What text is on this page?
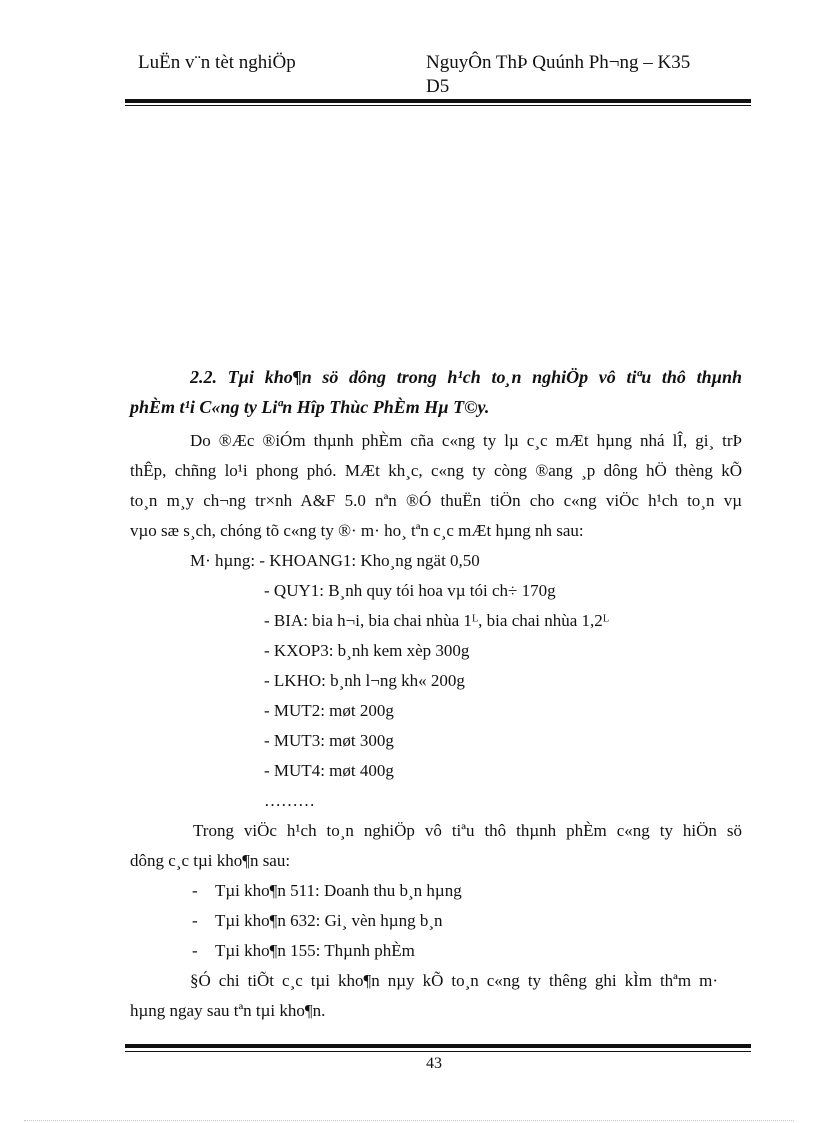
LuËn v¨n tèt nghiÖp	NguyÔn ThÞ Quúnh Ph¬ng – K35
D5
2.2. Tµi kho¶n sö dông trong h¹ch to¸n nghiÖp vô tiªu thô thµnh
phÈm t¹i C«ng ty Liªn Hîp Thùc PhÈm Hµ T©y.
Do ®Æc ®iÓm thµnh phÈm cña c«ng ty lµ c¸c mÆt hµng nhá lÎ, gi¸ trÞ
thÊp, chñng lo¹i phong phó. MÆt kh¸c, c«ng ty còng ®ang ¸p dông hÖ thèng kÕ
to¸n m¸y ch¬ng tr×nh A&F 5.0 nªn ®Ó thuËn tiÖn cho c«ng viÖc h¹ch to¸n vµ
vµo sæ s¸ch, chóng tõ c«ng ty ®· m· ho¸ tªn c¸c mÆt hµng nh sau:
M· hµng: - KHOANG1: Kho¸ng ngät 0,50
- QUY1: B¸nh quy tói hoa vµ tói ch÷ 170g
- BIA: bia h¬i, bia chai nhùa 1ᴸ, bia chai nhùa 1,2ᴸ
- KXOP3: b¸nh kem xèp 300g
- LKHO: b¸nh l¬ng kh« 200g
- MUT2: møt 200g
- MUT3: møt 300g
- MUT4: møt 400g
………
Trong viÖc h¹ch to¸n nghiÖp vô tiªu thô thµnh phÈm c«ng ty hiÖn sö
dông c¸c tµi kho¶n sau:
- Tµi kho¶n 511: Doanh thu b¸n hµng
- Tµi kho¶n 632: Gi¸ vèn hµng b¸n
- Tµi kho¶n 155: Thµnh phÈm
§Ó chi tiÕt c¸c tµi kho¶n nµy kÕ to¸n c«ng ty thêng ghi kÌm thªm m·
hµng ngay sau tªn tµi kho¶n.
43
